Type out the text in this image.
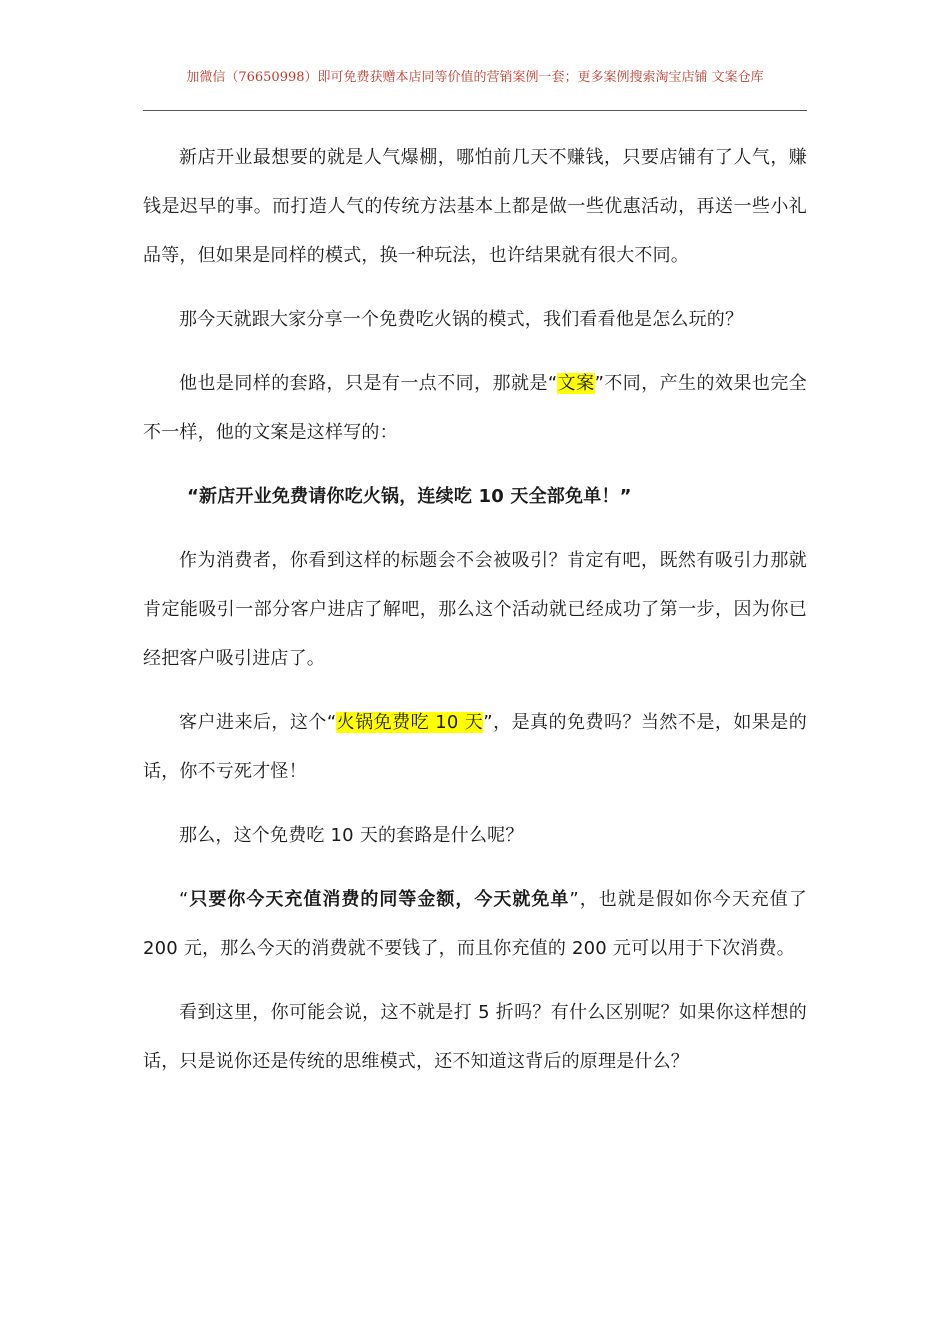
加微信（76650998）即可免费获赠本店同等价值的营销案例一套；更多案例搜索淘宝店铺 文案仓库

新店开业最想要的就是人气爆棚，哪怕前几天不赚钱，只要店铺有了人气，赚钱是迟早的事。而打造人气的传统方法基本上都是做一些优惠活动，再送一些小礼品等，但如果是同样的模式，换一种玩法，也许结果就有很大不同。

那今天就跟大家分享一个免费吃火锅的模式，我们看看他是怎么玩的？

他也是同样的套路，只是有一点不同，那就是“文案”不同，产生的效果也完全不一样，他的文案是这样写的：

“新店开业免费请你吃火锅，连续吃 10 天全部免单！”

作为消费者，你看到这样的标题会不会被吸引？肯定有吧，既然有吸引力那就肯定能吸引一部分客户进店了解吧，那么这个活动就已经成功了第一步，因为你已经把客户吸引进店了。

客户进来后，这个“火锅免费吃 10 天”，是真的免费吗？当然不是，如果是的话，你不亏死才怪！

那么，这个免费吃 10 天的套路是什么呢？

“只要你今天充值消费的同等金额，今天就免单”，也就是假如你今天充值了 200 元，那么今天的消费就不要钱了，而且你充值的 200 元可以用于下次消费。

看到这里，你可能会说，这不就是打 5 折吗？有什么区别呢？如果你这样想的话，只是说你还是传统的思维模式，还不知道这背后的原理是什么？
